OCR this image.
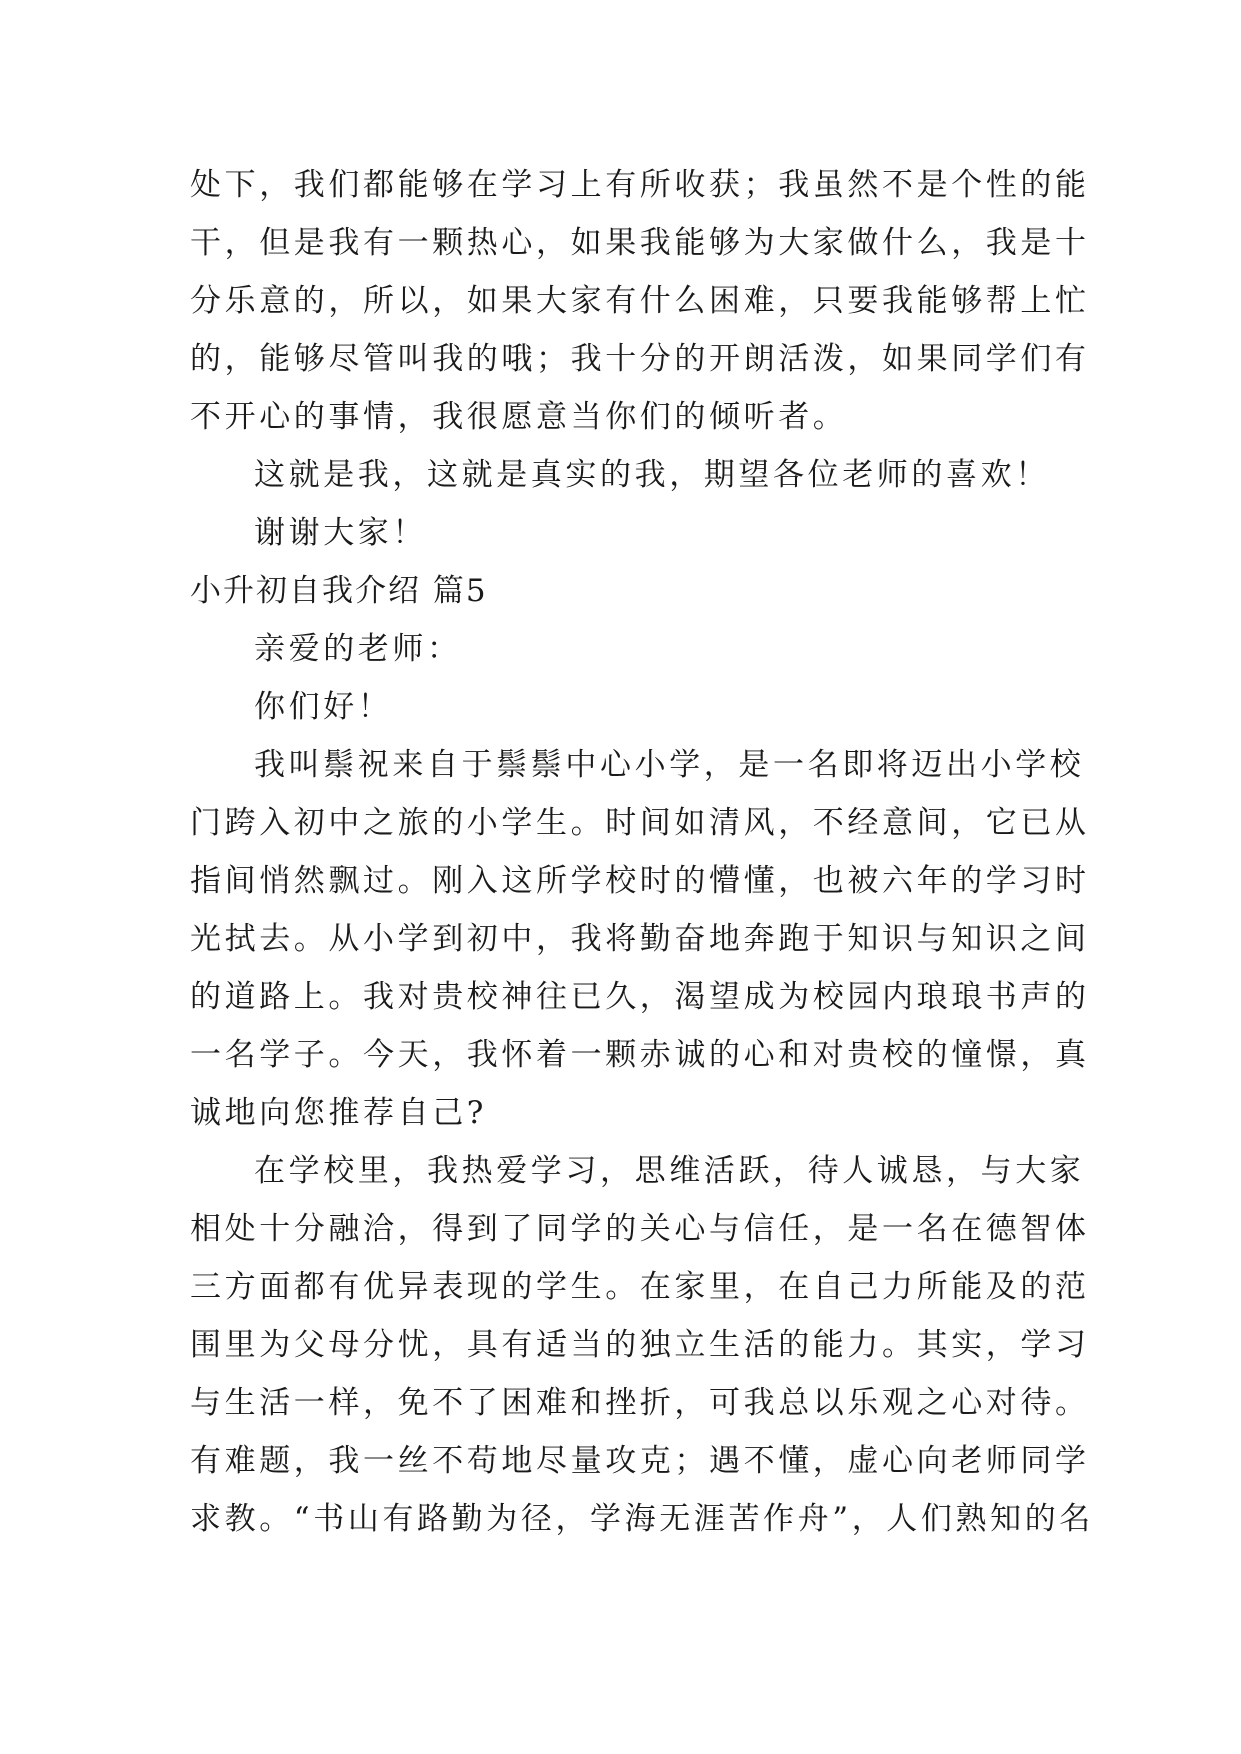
处下，我们都能够在学习上有所收获；我虽然不是个性的能
干，但是我有一颗热心，如果我能够为大家做什么，我是十
分乐意的，所以，如果大家有什么困难，只要我能够帮上忙
的，能够尽管叫我的哦；我十分的开朗活泼，如果同学们有
不开心的事情，我很愿意当你们的倾听者。
这就是我，这就是真实的我，期望各位老师的喜欢！
谢谢大家！
小升初自我介绍 篇5
亲爱的老师：
你们好！
我叫鬃祝来自于鬃鬃中心小学，是一名即将迈出小学校
门跨入初中之旅的小学生。时间如清风，不经意间，它已从
指间悄然飘过。刚入这所学校时的懵懂，也被六年的学习时
光拭去。从小学到初中，我将勤奋地奔跑于知识与知识之间
的道路上。我对贵校神往已久，渴望成为校园内琅琅书声的
一名学子。今天，我怀着一颗赤诚的心和对贵校的憧憬，真
诚地向您推荐自己?
在学校里，我热爱学习，思维活跃，待人诚恳，与大家
相处十分融洽，得到了同学的关心与信任，是一名在德智体
三方面都有优异表现的学生。在家里，在自己力所能及的范
围里为父母分忧，具有适当的独立生活的能力。其实，学习
与生活一样，免不了困难和挫折，可我总以乐观之心对待。
有难题，我一丝不苟地尽量攻克；遇不懂，虚心向老师同学
求教。“书山有路勤为径，学海无涯苦作舟”，人们熟知的名
